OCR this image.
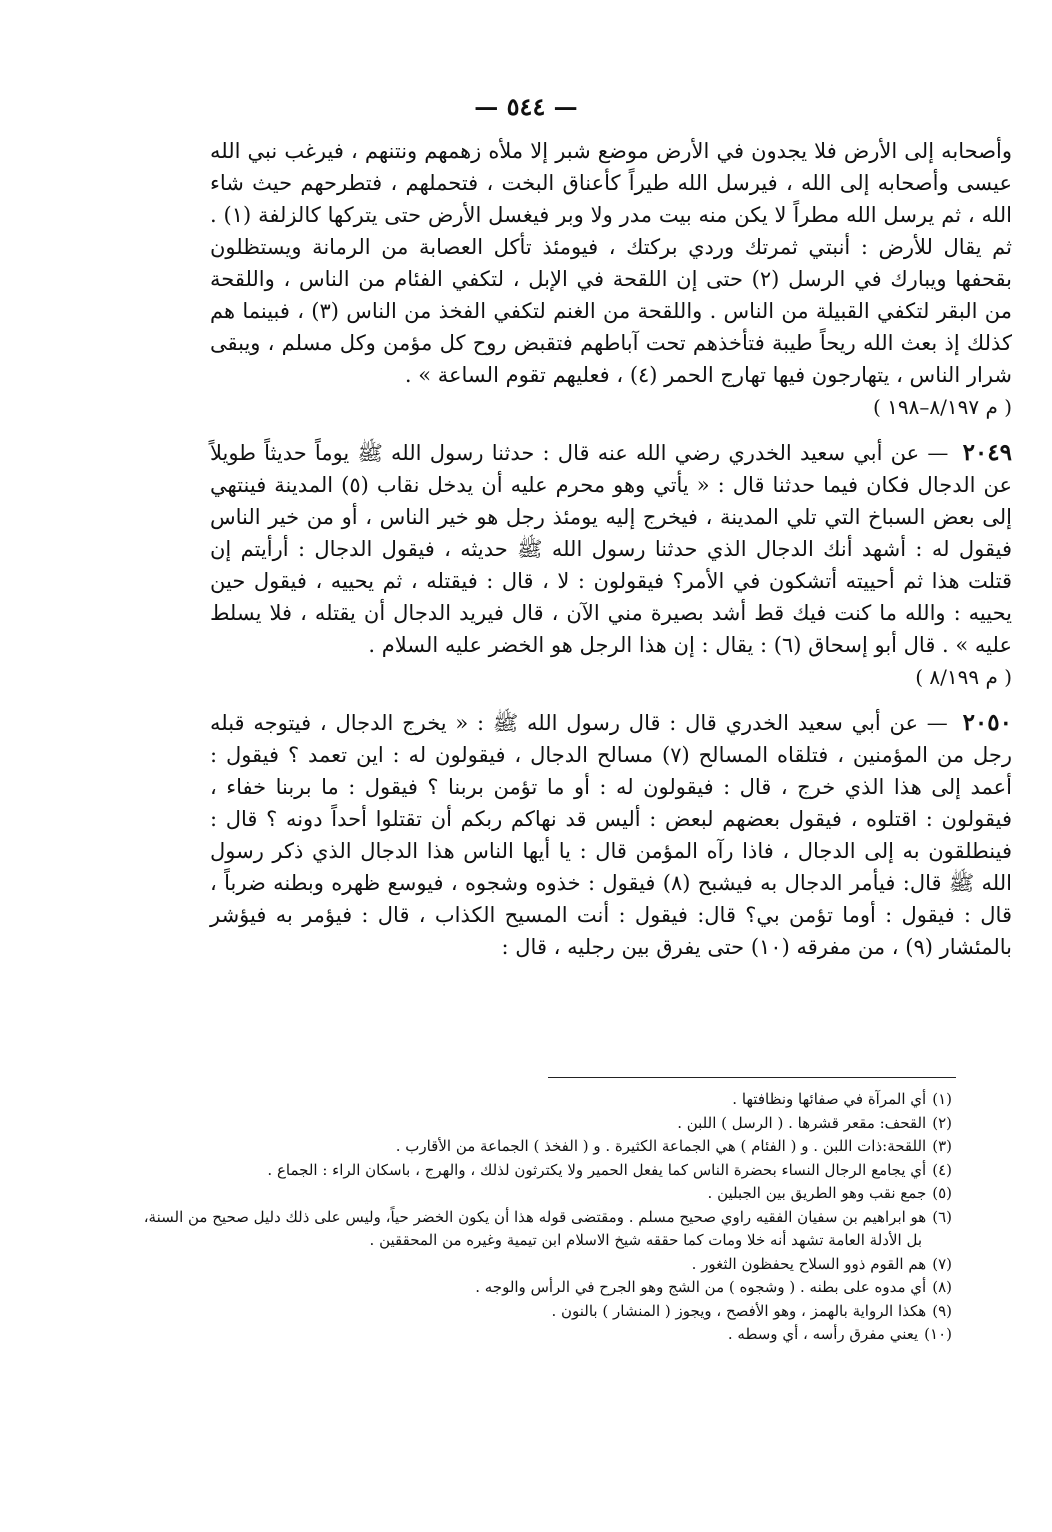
— ٥٤٤ —

وأصحابه إلى الأرض فلا يجدون في الأرض موضع شبر إلا ملأه زهمهم ونتنهم ، فيرغب نبي الله عيسى وأصحابه إلى الله ، فيرسل الله طيراً كأعناق البخت ، فتحملهم ، فتطرحهم حيث شاء الله ، ثم يرسل الله مطراً لا يكن منه بيت مدر ولا وبر فيغسل الأرض حتى يتركها كالزلفة (١) . ثم يقال للأرض : أنبتي ثمرتك وردي بركتك ، فيومئذ تأكل العصابة من الرمانة ويستظلون بقحفها ويبارك في الرسل (٢) حتى إن اللقحة في الإبل ، لتكفي الفئام من الناس ، واللقحة من البقر لتكفي القبيلة من الناس . واللقحة من الغنم لتكفي الفخذ من الناس (٣) ، فبينما هم كذلك إذ بعث الله ريحاً طيبة فتأخذهم تحت آباطهم فتقبض روح كل مؤمن وكل مسلم ، ويبقى شرار الناس ، يتهارجون فيها تهارج الحمر (٤) ، فعليهم تقوم الساعة » .
( م ٨/١٩٧–١٩٨ )

٢٠٤٩ — عن أبي سعيد الخدري رضي الله عنه قال : حدثنا رسول الله ﷺ يوماً حديثاً طويلاً عن الدجال فكان فيما حدثنا قال : « يأتي وهو محرم عليه أن يدخل نقاب (٥) المدينة فينتهي إلى بعض السباخ التي تلي المدينة ، فيخرج إليه يومئذ رجل هو خير الناس ، أو من خير الناس فيقول له : أشهد أنك الدجال الذي حدثنا رسول الله ﷺ حديثه ، فيقول الدجال : أرأيتم إن قتلت هذا ثم أحييته أتشكون في الأمر؟ فيقولون : لا ، قال : فيقتله ، ثم يحييه ، فيقول حين يحييه : والله ما كنت فيك قط أشد بصيرة مني الآن ، قال فيريد الدجال أن يقتله ، فلا يسلط عليه » . قال أبو إسحاق (٦) : يقال : إن هذا الرجل هو الخضر عليه السلام .
( م ٨/١٩٩ )

٢٠٥٠ — عن أبي سعيد الخدري قال : قال رسول الله ﷺ : « يخرج الدجال ، فيتوجه قبله رجل من المؤمنين ، فتلقاه المسالح (٧) مسالح الدجال ، فيقولون له : اين تعمد ؟ فيقول : أعمد إلى هذا الذي خرج ، قال : فيقولون له : أو ما تؤمن بربنا ؟ فيقول : ما بربنا خفاء ، فيقولون : اقتلوه ، فيقول بعضهم لبعض : أليس قد نهاكم ربكم أن تقتلوا أحداً دونه ؟ قال : فينطلقون به إلى الدجال ، فاذا رآه المؤمن قال : يا أيها الناس هذا الدجال الذي ذكر رسول الله ﷺ قال: فيأمر الدجال به فيشبح (٨) فيقول : خذوه وشجوه ، فيوسع ظهره وبطنه ضرباً ، قال : فيقول : أوما تؤمن بي؟ قال: فيقول : أنت المسيح الكذاب ، قال : فيؤمر به فيؤشر بالمئشار (٩) ، من مفرقه (١٠) حتى يفرق بين رجليه ، قال :

(١)أي المرآة في صفائها ونظافتها .

(٢)القحف: مقعر قشرها . ( الرسل ) اللبن .

(٣)اللقحة:ذات اللبن . و ( الفئام ) هي الجماعة الكثيرة . و ( الفخذ ) الجماعة من الأقارب .

(٤)أي يجامع الرجال النساء بحضرة الناس كما يفعل الحمير ولا يكترثون لذلك ، والهرج ، باسكان الراء : الجماع .

(٥)جمع نقب وهو الطريق بين الجبلين .

(٦)هو ابراهيم بن سفيان الفقيه راوي صحيح مسلم . ومقتضى قوله هذا أن يكون الخضر حياً، وليس على ذلك دليل صحيح من السنة،

بل الأدلة العامة تشهد أنه خلا ومات كما حققه شيخ الاسلام ابن تيمية وغيره من المحققين .

(٧)هم القوم ذوو السلاح يحفظون الثغور .

(٨)أي مدوه على بطنه . ( وشجوه ) من الشج وهو الجرح في الرأس والوجه .

(٩)هكذا الرواية بالهمز ، وهو الأفصح ، ويجوز ( المنشار ) بالنون .

(١٠)يعني مفرق رأسه ، أي وسطه .
